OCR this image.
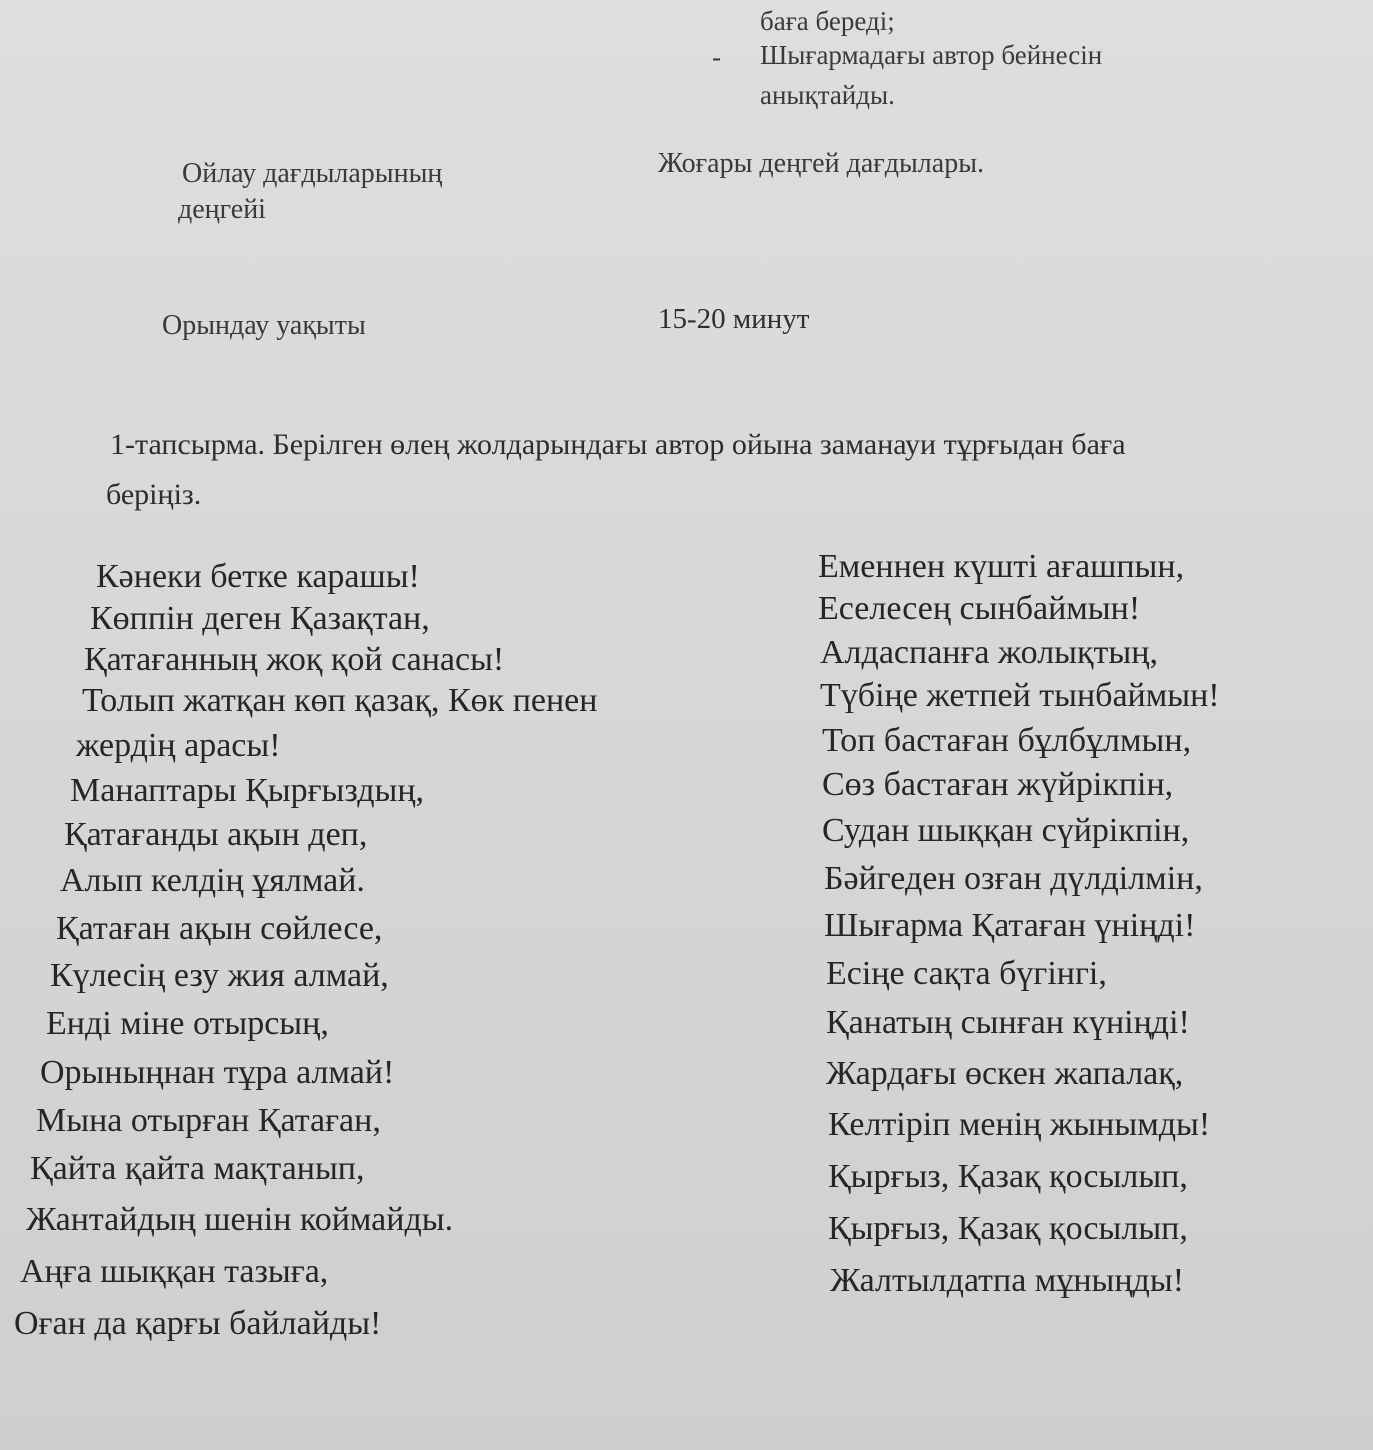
баға береді;
- Шығармадағы автор бейнесін
анықтайды.
Ойлау дағдыларының
деңгейі
Жоғары деңгей дағдылары.
Орындау уақыты	15-20 минут
1-тапсырма. Берілген өлең жолдарындағы автор ойына заманауи тұрғыдан баға
беріңіз.
Кәнеки бетке карашы!
Көппін деген Қазақтан,
Қатағанның жоқ қой санасы!
Толып жатқан көп қазақ, Көк пенен
жердің арасы!
Манаптары Қырғыздың,
Қатағанды ақын деп,
Алып келдің ұялмай.
Қатаған ақын сөйлесе,
Күлесің езу жия алмай,
Енді міне отырсың,
Орыныңнан тұра алмай!
Мына отырған Қатаған,
Қайта қайта мақтанып,
Жантайдың шенін коймайды.
Аңға шыққан тазыға,
Оған да қарғы байлайды!
Еменнен күшті ағашпын,
Еселесең сынбаймын!
Алдаспанға жолықтың,
Түбіңе жетпей тынбаймын!
Топ бастаған бұлбұлмын,
Сөз бастаған жүйрікпін,
Судан шыққан сүйрікпін,
Бәйгеден озған дүлділмін,
Шығарма Қатаған үніңді!
Есіңе сақта бүгінгі,
Қанатың сынған күніңді!
Жардағы өскен жапалақ,
Келтіріп менің жынымды!
Қырғыз, Қазақ қосылып,
Қырғыз, Қазақ қосылып,
Жалтылдатпа мұныңды!
